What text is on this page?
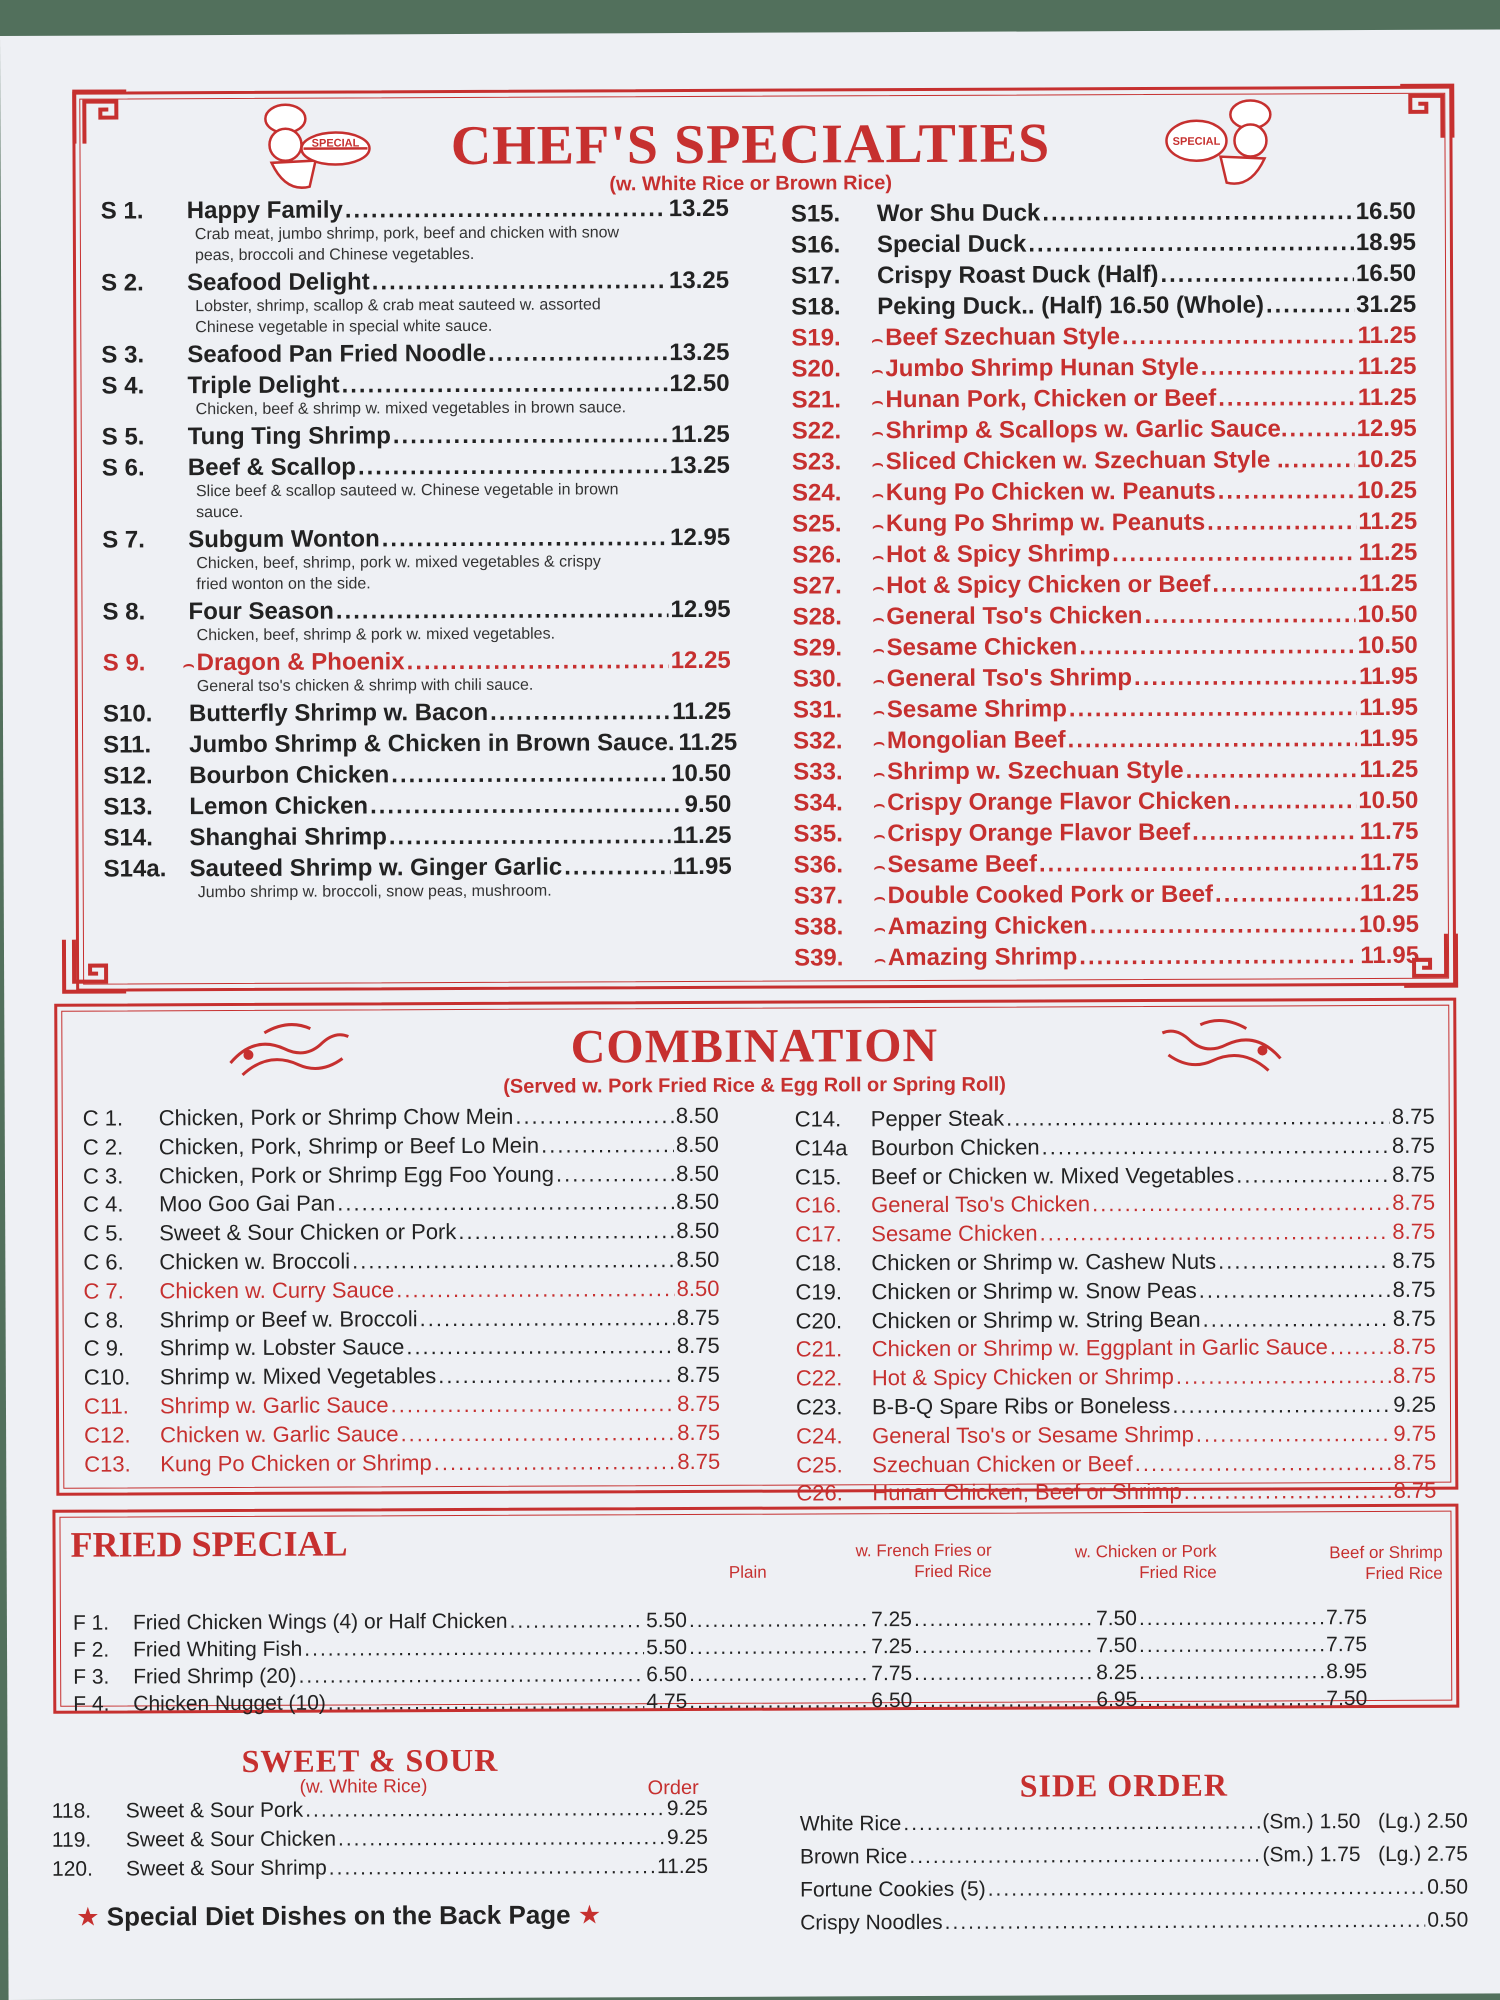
SPECIAL	SPECIAL
CHEF'S SPECIALTIES
(w. White Rice or Brown Rice)
S 1.	Happy Family .....	13.25
Crab meat, jumbo shrimp, pork, beef and chicken with snow
peas, broccoli and Chinese vegetables.
S 2.	Seafood Delight .....	13.25
Lobster, shrimp, scallop & crab meat sauteed w. assorted
Chinese vegetable in special white sauce.
S 3.	Seafood Pan Fried Noodle .....	13.25
S 4.	Triple Delight .....	12.50
Chicken, beef & shrimp w. mixed vegetables in brown sauce.
S 5.	Tung Ting Shrimp .....	11.25
S 6.	Beef & Scallop .....	13.25
Slice beef & scallop sauteed w. Chinese vegetable in brown
sauce.
S 7.	Subgum Wonton .....	12.95
Chicken, beef, shrimp, pork w. mixed vegetables & crispy
fried wonton on the side.
S 8.	Four Season .....	12.95
Chicken, beef, shrimp & pork w. mixed vegetables.
S 9.	⌢ Dragon & Phoenix .....	12.25
General tso's chicken & shrimp with chili sauce.
S10.	Butterfly Shrimp w. Bacon .....	11.25
S11.	Jumbo Shrimp & Chicken in Brown Sauce. ..... 11.25
S12.	Bourbon Chicken .....	10.50
S13.	Lemon Chicken .....	9.50
S14.	Shanghai Shrimp .....	11.25
S14a. Sauteed Shrimp w. Ginger Garlic .....	11.95
Jumbo shrimp w. broccoli, snow peas, mushroom.
S15.	Wor Shu Duck .....	16.50
S16.	Special Duck .....	18.95
S17.	Crispy Roast Duck (Half) .....	16.50
S18.	Peking Duck.. (Half) 16.50 (Whole) .....	31.25
S19.	⌢ Beef Szechuan Style .....	11.25
S20.	⌢ Jumbo Shrimp Hunan Style .....	11.25
S21.	⌢ Hunan Pork, Chicken or Beef .....	11.25
S22.	⌢ Shrimp & Scallops w. Garlic Sauce. .....	12.95
S23.	⌢ Sliced Chicken w. Szechuan Style .. .....	10.25
S24.	⌢ Kung Po Chicken w. Peanuts .....	10.25
S25.	⌢ Kung Po Shrimp w. Peanuts .....	11.25
S26.	⌢ Hot & Spicy Shrimp .....	11.25
S27.	⌢ Hot & Spicy Chicken or Beef .....	11.25
S28.	⌢ General Tso's Chicken .....	10.50
S29.	⌢ Sesame Chicken .....	10.50
S30.	⌢ General Tso's Shrimp .....	11.95
S31.	⌢ Sesame Shrimp .....	11.95
S32.	⌢ Mongolian Beef .....	11.95
S33.	⌢ Shrimp w. Szechuan Style .....	11.25
S34.	⌢ Crispy Orange Flavor Chicken .....	10.50
S35.	⌢ Crispy Orange Flavor Beef .....	11.75
S36.	⌢ Sesame Beef .....	11.75
S37.	⌢ Double Cooked Pork or Beef .....	11.25
S38.	⌢ Amazing Chicken .....	10.95
S39.	⌢ Amazing Shrimp .....	11.95
COMBINATION
(Served w. Pork Fried Rice & Egg Roll or Spring Roll)
C 1.	Chicken, Pork or Shrimp Chow Mein .....	8.50
C 2.	Chicken, Pork, Shrimp or Beef Lo Mein .....	8.50
C 3.	Chicken, Pork or Shrimp Egg Foo Young .....	8.50
C 4.	Moo Goo Gai Pan .....	8.50
C 5.	Sweet & Sour Chicken or Pork .....	8.50
C 6.	Chicken w. Broccoli .....	8.50
C 7.	Chicken w. Curry Sauce .....	8.50
C 8.	Shrimp or Beef w. Broccoli .....	8.75
C 9.	Shrimp w. Lobster Sauce .....	8.75
C10.	Shrimp w. Mixed Vegetables .....	8.75
C11.	Shrimp w. Garlic Sauce .....	8.75
C12.	Chicken w. Garlic Sauce .....	8.75
C13.	Kung Po Chicken or Shrimp .....	8.75
C14.	Pepper Steak .....	8.75
C14a	Bourbon Chicken .....	8.75
C15.	Beef or Chicken w. Mixed Vegetables .....	8.75
C16.	General Tso's Chicken .....	8.75
C17.	Sesame Chicken .....	8.75
C18.	Chicken or Shrimp w. Cashew Nuts .....	8.75
C19.	Chicken or Shrimp w. Snow Peas .....	8.75
C20.	Chicken or Shrimp w. String Bean .....	8.75
C21.	Chicken or Shrimp w. Eggplant in Garlic Sauce .....	8.75
C22.	Hot & Spicy Chicken or Shrimp .....	8.75
C23.	B-B-Q Spare Ribs or Boneless .....	9.25
C24.	General Tso's or Sesame Shrimp .....	9.75
C25.	Szechuan Chicken or Beef .....	8.75
C26.	Hunan Chicken, Beef or Shrimp .....	8.75
FRIED SPECIAL
Plain
w. French Fries or
Fried Rice
w. Chicken or Pork
Fried Rice
Beef or Shrimp
Fried Rice
F 1.	Fried Chicken Wings (4) or Half Chicken .....	5.50 .....	7.25 .....	7.50 .....	7.75
F 2.	Fried Whiting Fish .....	5.50 .....	7.25 .....	7.50 .....	7.75
F 3.	Fried Shrimp (20) .....	6.50 .....	7.75 .....	8.25 .....	8.95
F 4.	Chicken Nugget (10) .....	4.75 .....	6.50 .....	6.95 .....	7.50
SWEET & SOUR
(w. White Rice)	Order
118.	Sweet & Sour Pork .....	9.25
119.	Sweet & Sour Chicken .....	9.25
120.	Sweet & Sour Shrimp .....	11.25
★ Special Diet Dishes on the Back Page ★
SIDE ORDER
White Rice .....	(Sm.) 1.50   (Lg.) 2.50
Brown Rice .....	(Sm.) 1.75   (Lg.) 2.75
Fortune Cookies (5) .....	0.50
Crispy Noodles .....	0.50
